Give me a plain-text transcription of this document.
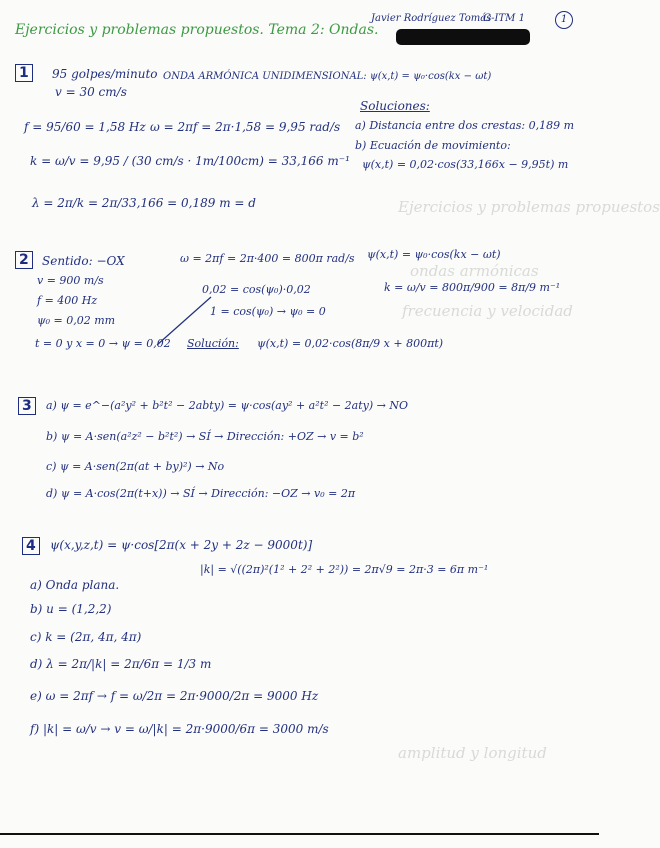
Ejercicios y problemas propuestos
ondas armónicas
frecuencia y velocidad
amplitud y longitud
Ejercicios y problemas propuestos. Tema 2: Ondas.
Javier Rodríguez Tomás
G-ITM 1	1
1	95 golpes/minuto
v = 30 cm/s
ONDA ARMÓNICA UNIDIMENSIONAL: ψ(x,t) = ψ₀·cos(kx − ωt)
f = 95/60 = 1,58 Hz ω = 2πf = 2π·1,58 = 9,95 rad/s
k = ω/v = 9,95 / (30 cm/s · 1m/100cm) = 33,166 m⁻¹
λ = 2π/k = 2π/33,166 = 0,189 m = d
Soluciones:
a) Distancia entre dos crestas: 0,189 m
b) Ecuación de movimiento:
ψ(x,t) = 0,02·cos(33,166x − 9,95t) m
2	Sentido: −OX
v = 900 m/s
f = 400 Hz
ψ₀ = 0,02 mm
t = 0 y x = 0 → ψ = 0,02
ω = 2πf = 2π·400 = 800π rad/s ψ(x,t) = ψ₀·cos(kx − ωt)
0,02 = cos(ψ₀)·0,02
1 = cos(ψ₀) → ψ₀ = 0
k = ω/v = 800π/900 = 8π/9 m⁻¹
Solución: ψ(x,t) = 0,02·cos(8π/9 x + 800πt)
3	a) ψ = e^−(a²y² + b²t² − 2abty) = ψ·cos(ay² + a²t² − 2aty) → NO
b) ψ = A·sen(a²z² − b²t²) → SÍ → Dirección: +OZ → v = b²
c) ψ = A·sen(2π(at + by)²) → No
d) ψ = A·cos(2π(t+x)) → SÍ → Dirección: −OZ → v₀ = 2π
4	ψ(x,y,z,t) = ψ·cos[2π(x + 2y + 2z − 9000t)]
|k| = √((2π)²(1² + 2² + 2²)) = 2π√9 = 2π·3 = 6π m⁻¹
a) Onda plana.
b) u = (1,2,2)
c) k = (2π, 4π, 4π)
d) λ = 2π/|k| = 2π/6π = 1/3 m
e) ω = 2πf → f = ω/2π = 2π·9000/2π = 9000 Hz
f) |k| = ω/v → v = ω/|k| = 2π·9000/6π = 3000 m/s
